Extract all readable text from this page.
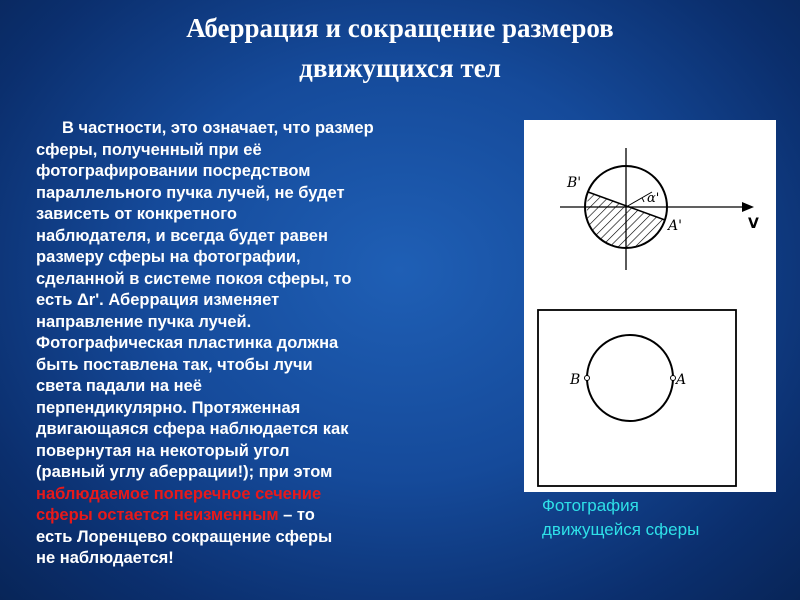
Аберрация и сокращение размеров
движущихся тел
В частности, это означает, что размер
сферы, полученный при её
фотографировании посредством
параллельного пучка лучей, не будет
зависеть от конкретного
наблюдателя, и всегда будет равен
размеру сферы на фотографии,
сделанной в системе покоя сферы, то
есть Δr'. Аберрация изменяет
направление пучка лучей.
Фотографическая пластинка должна
быть поставлена так, чтобы лучи
света падали на неё
перпендикулярно. Протяженная
двигающаяся сфера наблюдается как
повернутая на некоторый угол
(равный углу аберрации!); при этом
наблюдаемое поперечное сечение
сферы остается неизменным – то
есть Лоренцево сокращение сферы
не наблюдается!
B'
α'
A'	V
B	A
Фотография
движущейся сферы
